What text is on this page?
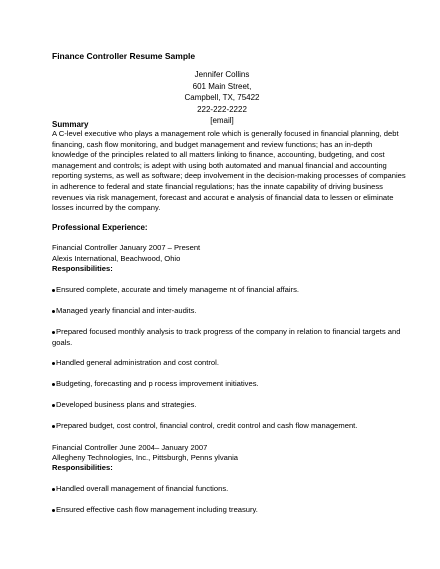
Finance Controller Resume Sample
Jennifer Collins
601 Main Street,
Campbell, TX, 75422
222-222-2222
[email]
Summary
A C-level executive who plays a management role which is generally focused in financial planning, debt
financing, cash flow monitoring, and budget management and review functions; has an in-depth
knowledge of the principles related to all matters linking to finance, accounting, budgeting, and cost
management and controls; is adept with using both automated and manual financial and accounting
reporting systems, as well as software; deep involvement in the decision-making processes of companies
in adherence to federal and state financial regulations; has the innate capability of driving business
revenues via risk management, forecast and accurat e analysis of financial data to lessen or eliminate
losses incurred by the company.
Professional Experience:
Financial Controller January 2007 – Present
Alexis International, Beachwood, Ohio
Responsibilities:
Ensured complete, accurate and timely manageme nt of financial affairs.
Managed yearly financial and inter-audits.
Prepared focused monthly analysis to track progress of the company in relation to financial targets and
goals.
Handled general administration and cost control.
Budgeting, forecasting and p rocess improvement initiatives.
Developed business plans and strategies.
Prepared budget, cost control, financial control, credit control and cash flow management.
Financial Controller June 2004– January 2007
Allegheny Technologies, Inc., Pittsburgh, Penns ylvania
Responsibilities:
Handled overall management of financial functions.
Ensured effective cash flow management including treasury.
